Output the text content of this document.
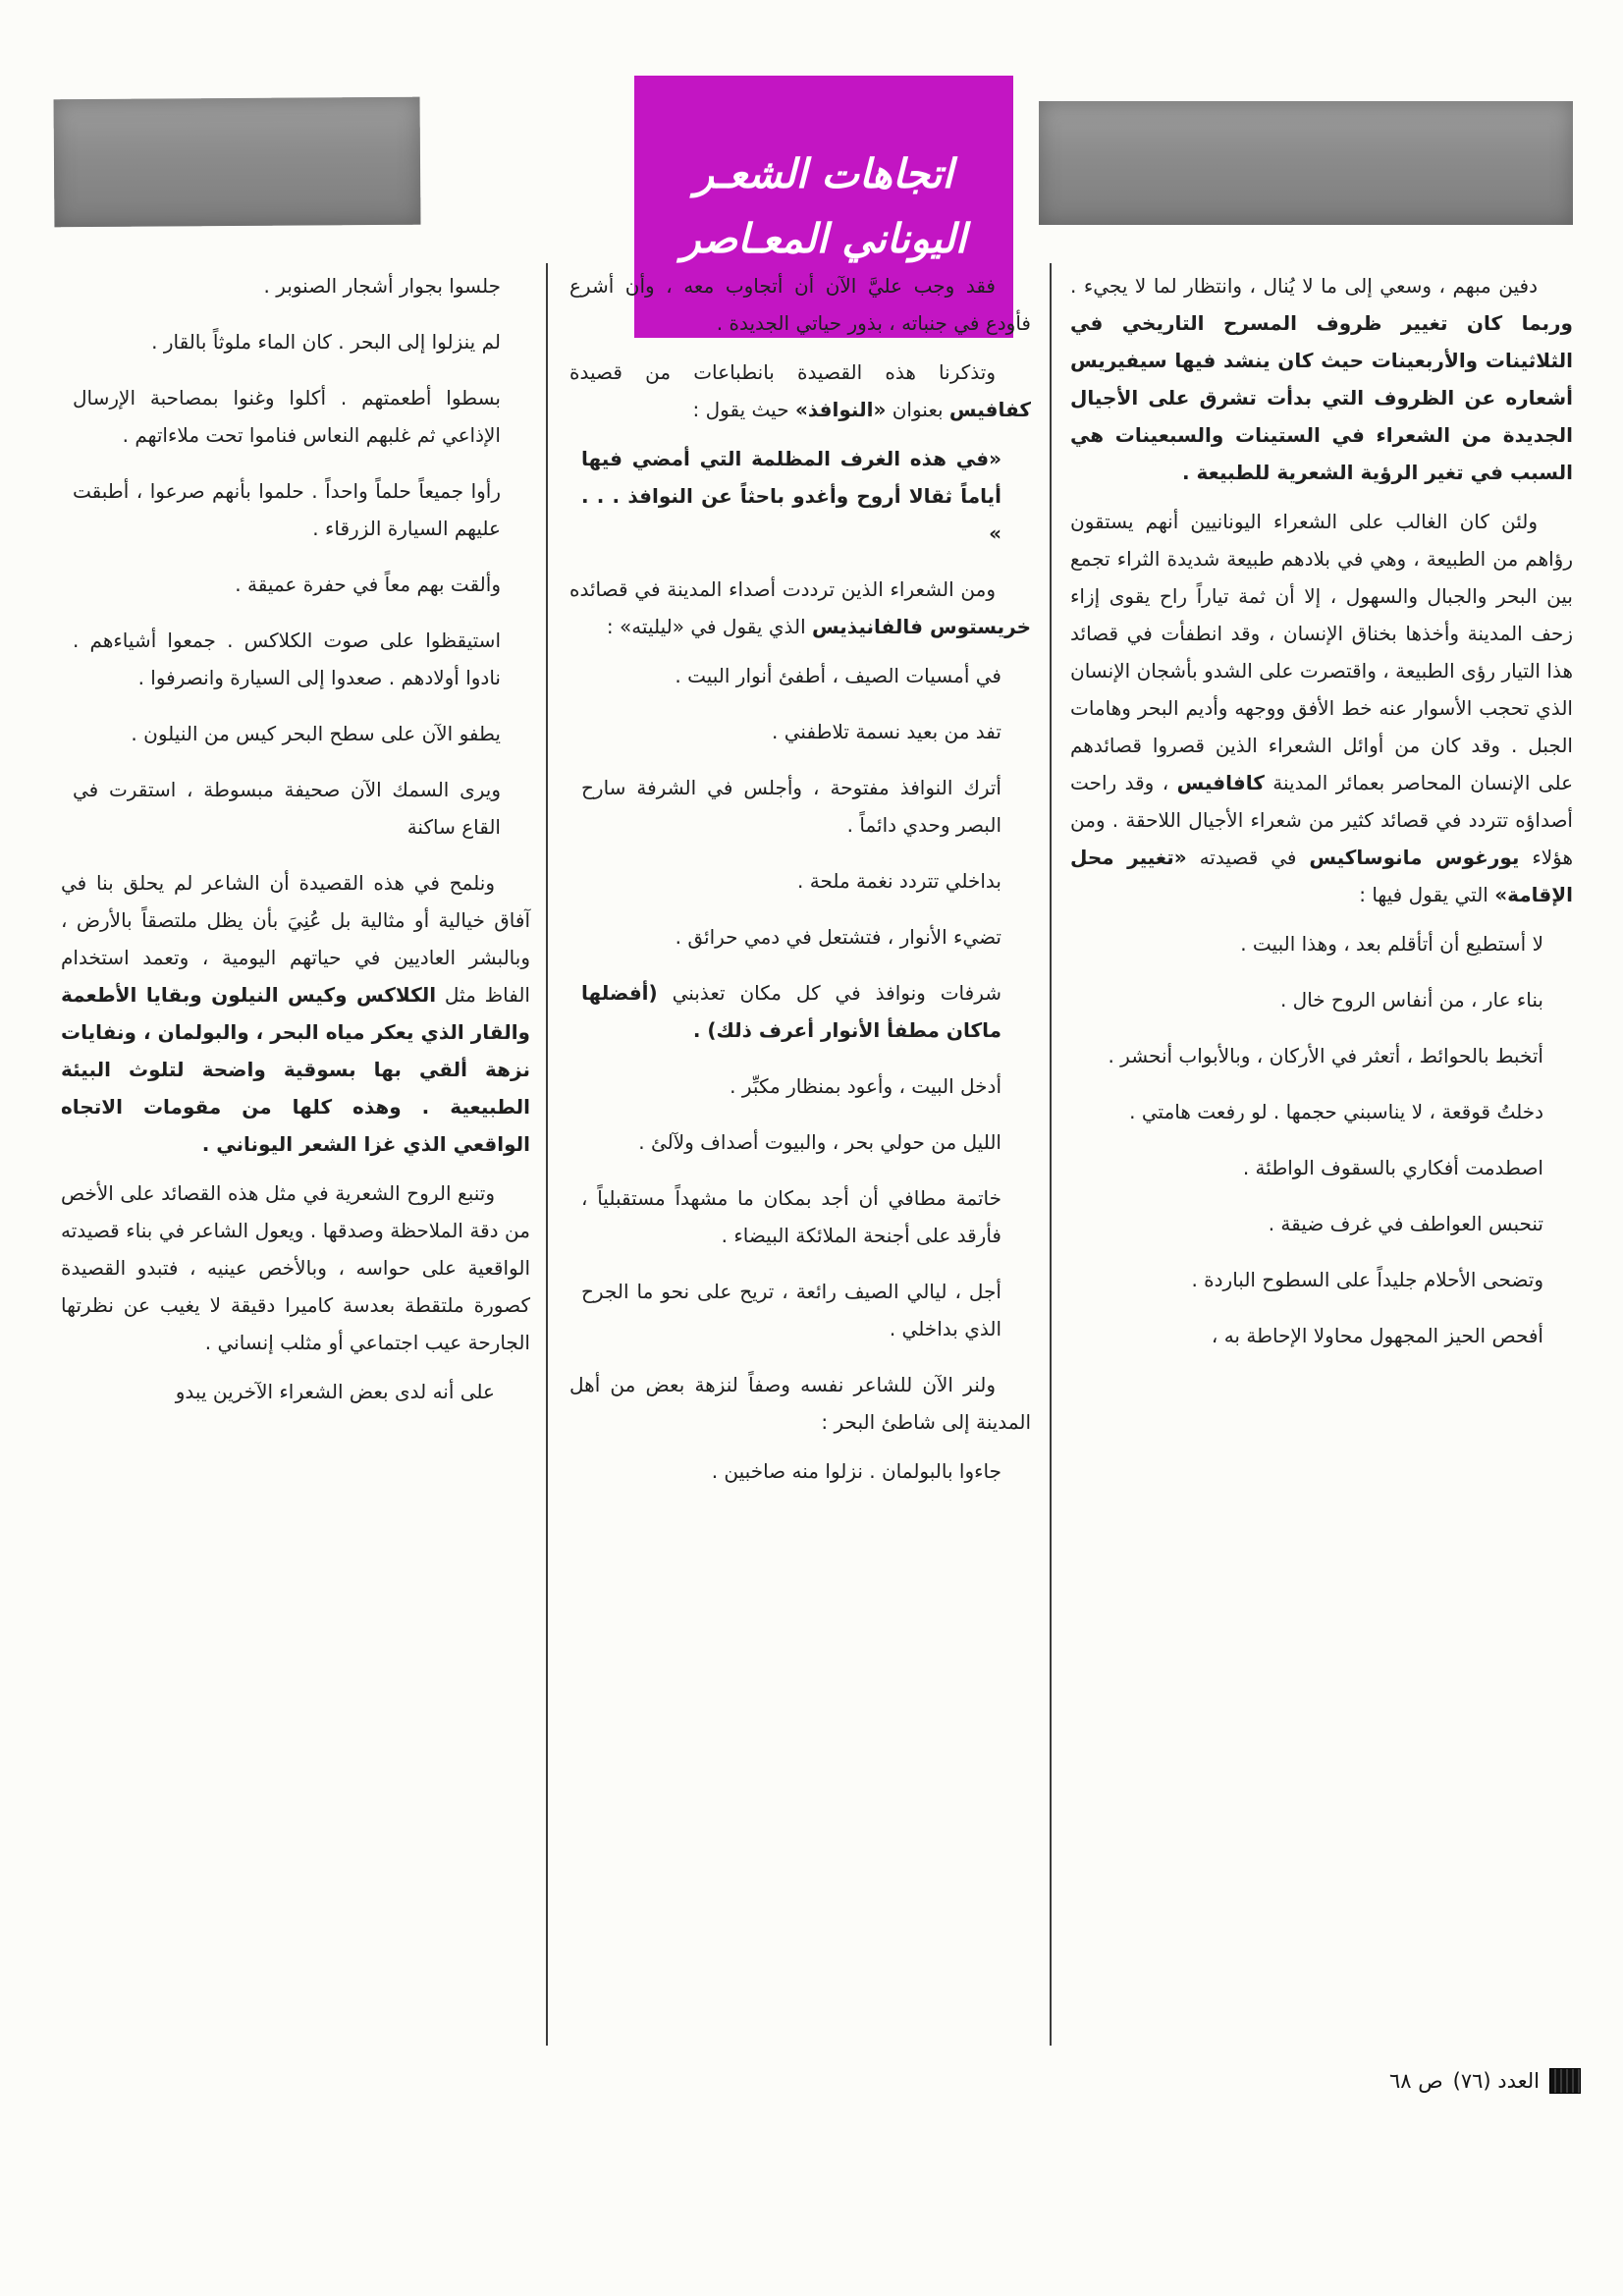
اتجاهات الشعـر
اليوناني المعـاصر

دفين مبهم ، وسعي إلى ما لا يُنال ، وانتظار لما لا يجيء . وربما كان تغيير ظروف المسرح التاريخي في الثلاثينات والأربعينات حيث كان ينشد فيها سيفيريس أشعاره عن الظروف التي بدأت تشرق على الأجيال الجديدة من الشعراء في الستينات والسبعينات هي السبب في تغير الرؤية الشعرية للطبيعة .

ولئن كان الغالب على الشعراء اليونانيين أنهم يستقون رؤاهم من الطبيعة ، وهي في بلادهم طبيعة شديدة الثراء تجمع بين البحر والجبال والسهول ، إلا أن ثمة تياراً راح يقوى إزاء زحف المدينة وأخذها بخناق الإنسان ، وقد انطفأت في قصائد هذا التيار رؤى الطبيعة ، واقتصرت على الشدو بأشجان الإنسان الذي تحجب الأسوار عنه خط الأفق ووجهه وأديم البحر وهامات الجبل . وقد كان من أوائل الشعراء الذين قصروا قصائدهم على الإنسان المحاصر بعمائر المدينة كافافيس ، وقد راحت أصداؤه تتردد في قصائد كثير من شعراء الأجيال اللاحقة . ومن هؤلاء يورغوس مانوساكيس في قصيدته «تغيير محل الإقامة» التي يقول فيها :

لا أستطيع أن أتأقلم بعد ، وهذا البيت .

بناء عار ، من أنفاس الروح خال .

أتخبط بالحوائط ، أتعثر في الأركان ، وبالأبواب أنحشر .

دخلتُ قوقعة ، لا يناسبني حجمها . لو رفعت هامتي .

اصطدمت أفكاري بالسقوف الواطئة .

تنحبس العواطف في غرف ضيقة .

وتضحى الأحلام جليداً على السطوح الباردة .

أفحص الحيز المجهول محاولا الإحاطة به ،

فقد وجب عليَّ الآن أن أتجاوب معه ، وأن أشرع فأودع في جنباته ، بذور حياتي الجديدة .

وتذكرنا هذه القصيدة بانطباعات من قصيدة كفافيس بعنوان «النوافذ» حيث يقول :

«في هذه الغرف المظلمة التي أمضي فيها أياماً ثقالا أروح وأغدو باحثاً عن النوافذ . . . »

ومن الشعراء الذين ترددت أصداء المدينة في قصائده خريستوس فالفانيذيس الذي يقول في «ليليته» :

في أمسيات الصيف ، أطفئ أنوار البيت .

تفد من بعيد نسمة تلاطفني .

أترك النوافذ مفتوحة ، وأجلس في الشرفة سارح البصر وحدي دائماً .

بداخلي تتردد نغمة ملحة .

تضيء الأنوار ، فتشتعل في دمي حرائق .

شرفات ونوافذ في كل مكان تعذبني (أفضلها ماكان مطفأ الأنوار أعرف ذلك) .

أدخل البيت ، وأعود بمنظار مكبِّر .

الليل من حولي بحر ، والبيوت أصداف ولآلئ .

خاتمة مطافي أن أجد بمكان ما مشهداً مستقبلياً ، فأرقد على أجنحة الملائكة البيضاء .

أجل ، ليالي الصيف رائعة ، تريح على نحو ما الجرح الذي بداخلي .

ولنر الآن للشاعر نفسه وصفاً لنزهة بعض من أهل المدينة إلى شاطئ البحر :

جاءوا بالبولمان . نزلوا منه صاخبين .

جلسوا بجوار أشجار الصنوبر .

لم ينزلوا إلى البحر . كان الماء ملوثاً بالقار .

بسطوا أطعمتهم . أكلوا وغنوا بمصاحبة الإرسال الإذاعي ثم غلبهم النعاس فناموا تحت ملاءاتهم .

رأوا جميعاً حلماً واحداً . حلموا بأنهم صرعوا ، أطبقت عليهم السيارة الزرقاء .

وألقت بهم معاً في حفرة عميقة .

استيقظوا على صوت الكلاكس . جمعوا أشياءهم . نادوا أولادهم . صعدوا إلى السيارة وانصرفوا .

يطفو الآن على سطح البحر كيس من النيلون .

ويرى السمك الآن صحيفة مبسوطة ، استقرت في القاع ساكنة

ونلمح في هذه القصيدة أن الشاعر لم يحلق بنا في آفاق خيالية أو مثالية بل عُنِيَ بأن يظل ملتصقاً بالأرض ، وبالبشر العاديين في حياتهم اليومية ، وتعمد استخدام الفاظ مثل الكلاكس وكيس النيلون وبقايا الأطعمة والقار الذي يعكر مياه البحر ، والبولمان ، ونفايات نزهة ألقي بها بسوقية واضحة لتلوث البيئة الطبيعية . وهذه كلها من مقومات الاتجاه الواقعي الذي غزا الشعر اليوناني .

وتنبع الروح الشعرية في مثل هذه القصائد على الأخص من دقة الملاحظة وصدقها . ويعول الشاعر في بناء قصيدته الواقعية على حواسه ، وبالأخص عينيه ، فتبدو القصيدة كصورة ملتقطة بعدسة كاميرا دقيقة لا يغيب عن نظرتها الجارحة عيب اجتماعي أو مثلب إنساني .

على أنه لدى بعض الشعراء الآخرين يبدو

العدد (٧٦)
ص ٦٨
